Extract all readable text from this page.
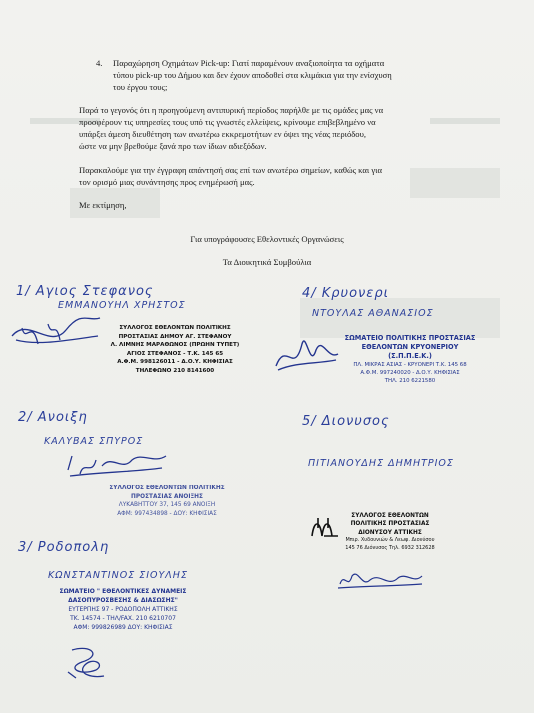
4. Παραχώρηση Οχημάτων Pick-up: Γιατί παραμένουν αναξιοποίητα τα οχήματα
τύπου pick-up του Δήμου και δεν έχουν αποδοθεί στα κλιμάκια για την ενίσχυση
του έργου τους;
Παρά το γεγονός ότι η προηγούμενη αντιπυρική περίοδος παρήλθε με τις ομάδες μας να
προσφέρουν τις υπηρεσίες τους υπό τις γνωστές ελλείψεις, κρίνουμε επιβεβλημένο να
υπάρξει άμεση διευθέτηση των ανωτέρω εκκρεμοτήτων εν όψει της νέας περιόδου,
ώστε να μην βρεθούμε ξανά προ των ίδιων αδιεξόδων.
Παρακαλούμε για την έγγραφη απάντησή σας επί των ανωτέρω σημείων, καθώς και για
τον ορισμό μιας συνάντησης προς ενημέρωσή μας.
Με εκτίμηση,
Για υπογράφουσες Εθελοντικές Οργανώσεις
Τα Διοικητικά Συμβούλια
1/ Αγιος Στεφανος
ΕΜΜΑΝΟΥΗΛ ΧΡΗΣΤΟΣ
ΣΥΛΛΟΓΟΣ ΕΘΕΛΟΝΤΩΝ ΠΟΛΙΤΙΚΗΣ
ΠΡΟΣΤΑΣΙΑΣ ΔΗΜΟΥ ΑΓ. ΣΤΕΦΑΝΟΥ
Λ. ΛΙΜΝΗΣ ΜΑΡΑΘΩΝΟΣ (ΠΡΩΗΝ ΤΥΠΕΤ)
ΑΓΙΟΣ ΣΤΕΦΑΝΟΣ - Τ.Κ. 145 65
Α.Φ.Μ. 998126011 - Δ.Ο.Υ. ΚΗΦΙΣΙΑΣ
ΤΗΛΕΦΩΝΟ 210 8141600
4/ Κρυονερι
ΝΤΟΥΛΑΣ ΑΘΑΝΑΣΙΟΣ
ΣΩΜΑΤΕΙΟ ΠΟΛΙΤΙΚΗΣ ΠΡΟΣΤΑΣΙΑΣ
ΕΘΕΛΟΝΤΩΝ ΚΡΥΟΝΕΡΙΟΥ
(Σ.Π.Π.Ε.Κ.)
ΠΛ. ΜΙΚΡΑΣ ΑΣΙΑΣ - ΚΡΥΟΝΕΡΙ Τ.Κ. 145 68
Α.Φ.Μ. 997240020 - Δ.Ο.Υ. ΚΗΦΙΣΙΑΣ
ΤΗΛ. 210 6221580
2/ Ανοιξη
ΚΑΛΥΒΑΣ ΣΠΥΡΟΣ
ΣΥΛΛΟΓΟΣ ΕΘΕΛΟΝΤΩΝ ΠΟΛΙΤΙΚΗΣ
ΠΡΟΣΤΑΣΙΑΣ ΑΝΟΙΞΗΣ
ΛΥΚΑΒΗΤΤΟΥ 37, 145 69 ΑΝΟΙΞΗ
ΑΦΜ: 997434898 - ΔΟΥ: ΚΗΦΙΣΙΑΣ
5/ Διονυσος
ΠΙΤΙΑΝΟΥΔΗΣ ΔΗΜΗΤΡΙΟΣ
ΣΥΛΛΟΓΟΣ ΕΘΕΛΟΝΤΩΝ
ΠΟΛΙΤΙΚΗΣ ΠΡΟΣΤΑΣΙΑΣ
ΔΙΟΝΥΣΟΥ ΑΤΤΙΚΗΣ
Μπιρ. Χυδουνιών & Λεωφ. Διονύσου
145 76 Διόνυσος Τηλ. 6932 312628
3/ Ροδοπολη
ΚΩΝΣΤΑΝΤΙΝΟΣ ΣΙΟΥΛΗΣ
ΣΩΜΑΤΕΙΟ " ΕΘΕΛΟΝΤΙΚΕΣ ΔΥΝΑΜΕΙΣ
ΔΑΣΟΠΥΡΟΣΒΕΣΗΣ & ΔΙΑΣΩΣΗΣ"
ΕΥΤΕΡΠΗΣ 97 - ΡΟΔΟΠΟΛΗ ΑΤΤΙΚΗΣ
ΤΚ. 14574 - ΤΗΛ/FAX. 210 6210707
ΑΦΜ: 999826989 ΔΟΥ: ΚΗΦΙΣΙΑΣ
